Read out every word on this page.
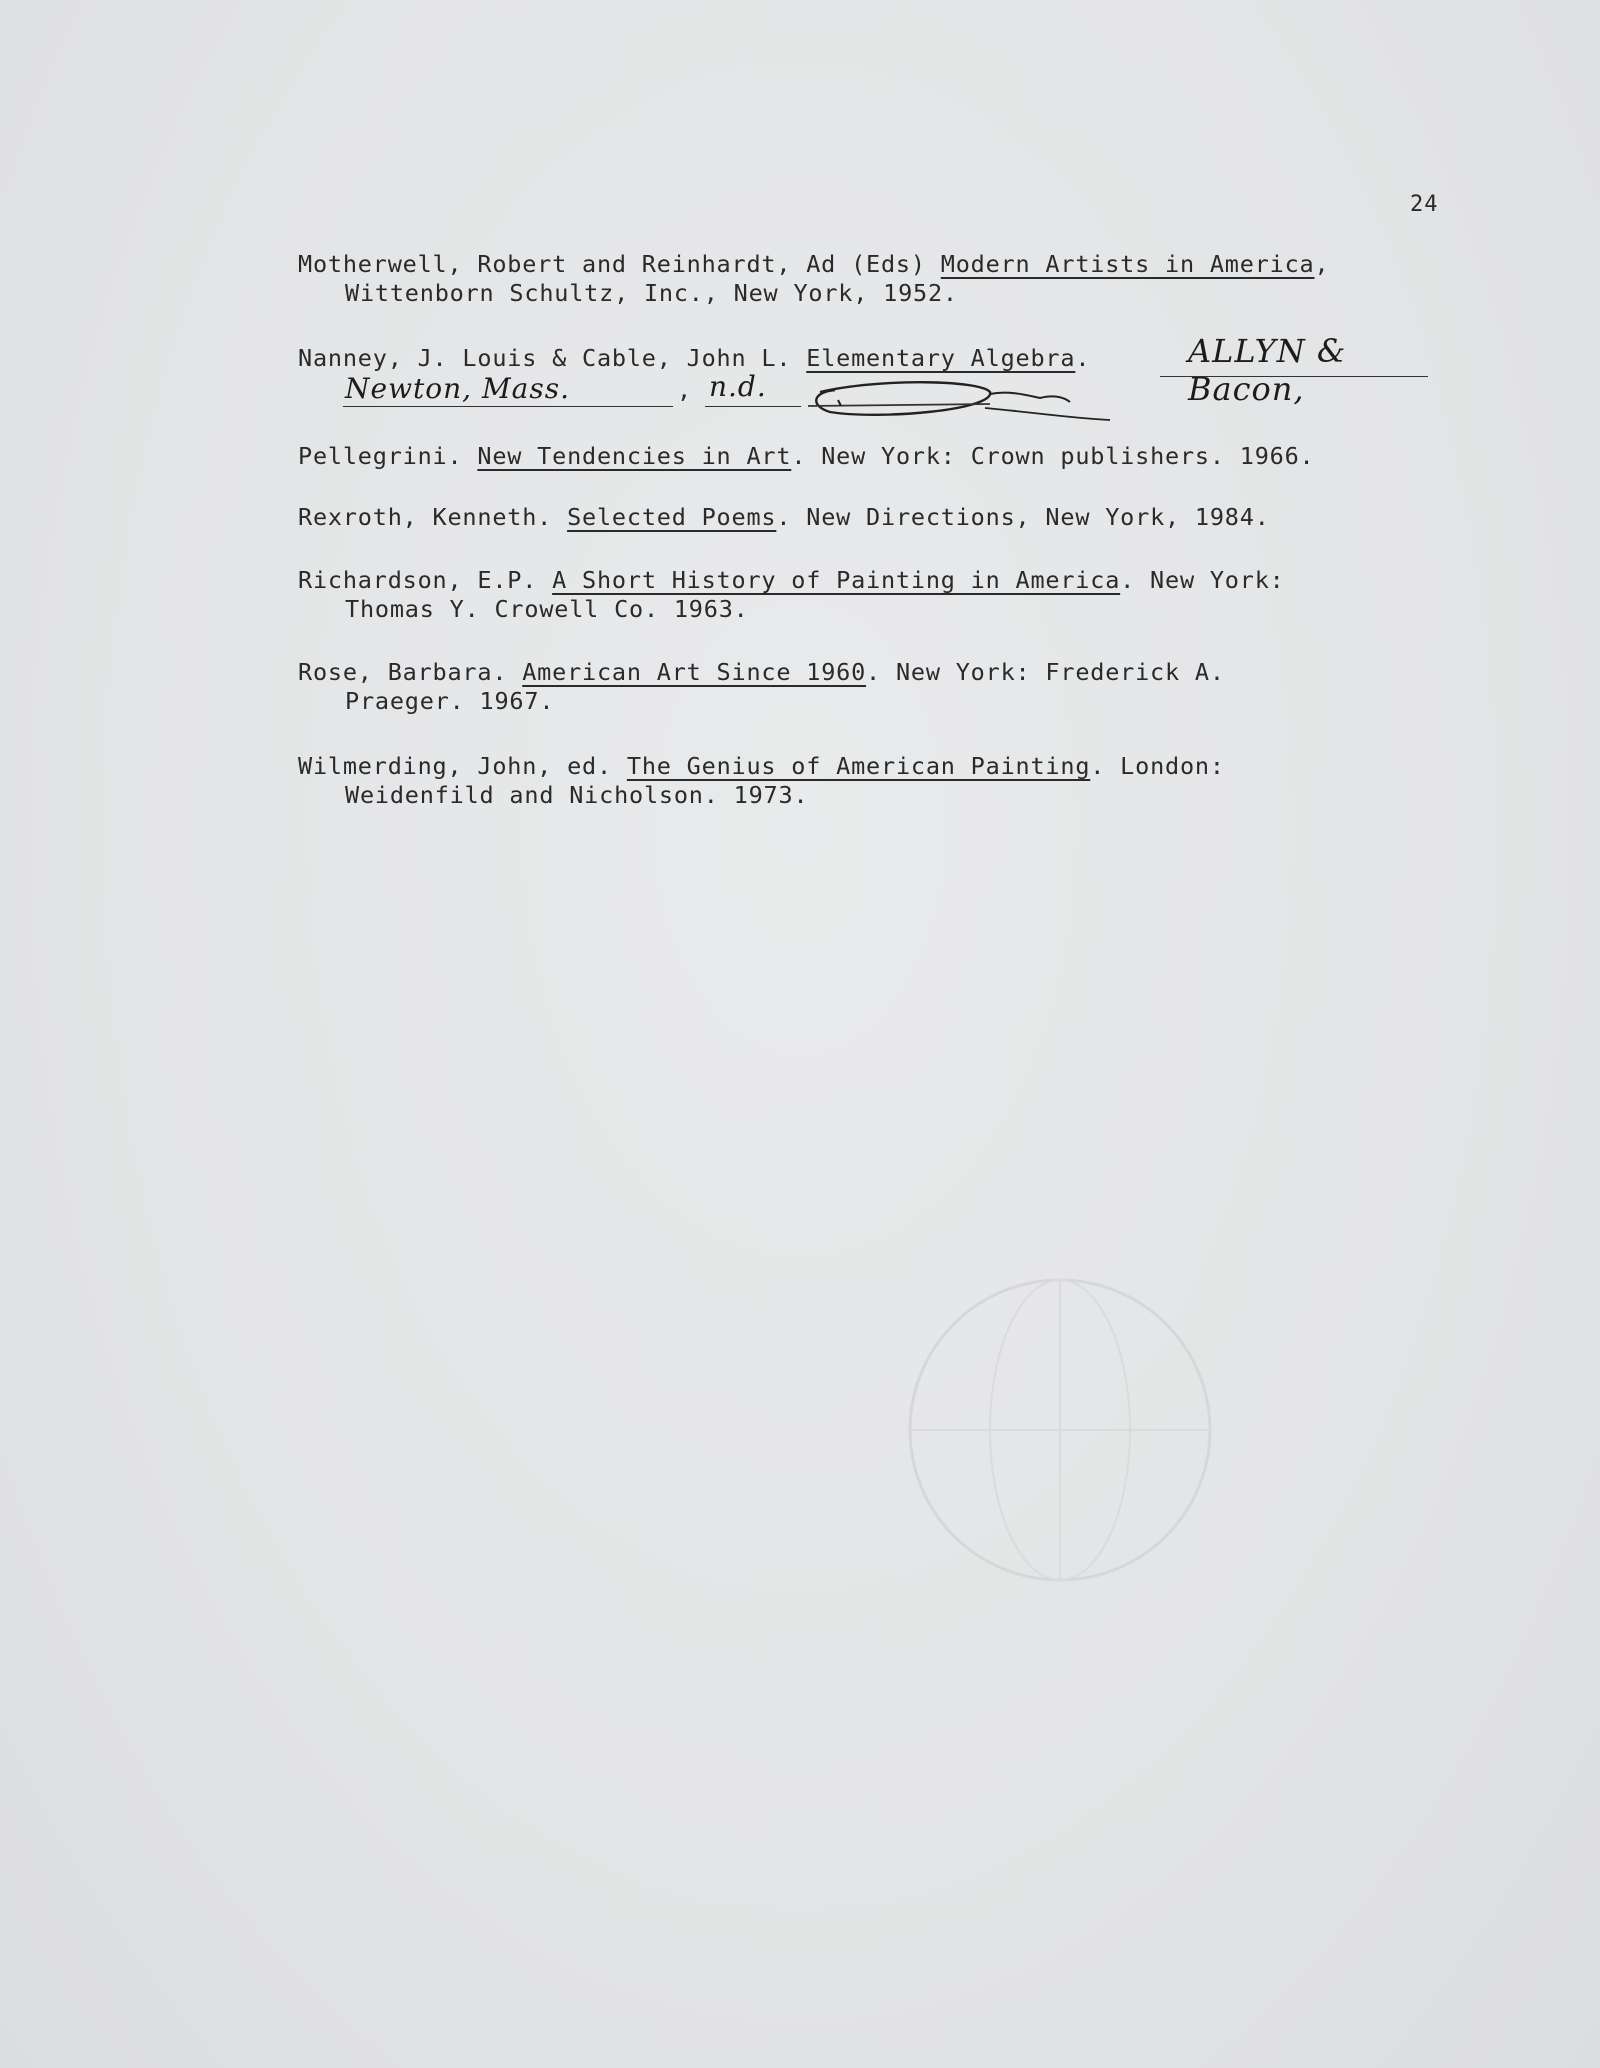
24
Motherwell, Robert and Reinhardt, Ad (Eds) Modern Artists in America,
Wittenborn Schultz, Inc., New York, 1952.
Nanney, J. Louis & Cable, John L. Elementary Algebra.	ALLYN & Bacon,
Newton, Mass.	, n.d.
Pellegrini. New Tendencies in Art. New York: Crown publishers. 1966.
Rexroth, Kenneth. Selected Poems. New Directions, New York, 1984.
Richardson, E.P. A Short History of Painting in America. New York:
Thomas Y. Crowell Co. 1963.
Rose, Barbara. American Art Since 1960. New York: Frederick A.
Praeger. 1967.
Wilmerding, John, ed. The Genius of American Painting. London:
Weidenfild and Nicholson. 1973.
